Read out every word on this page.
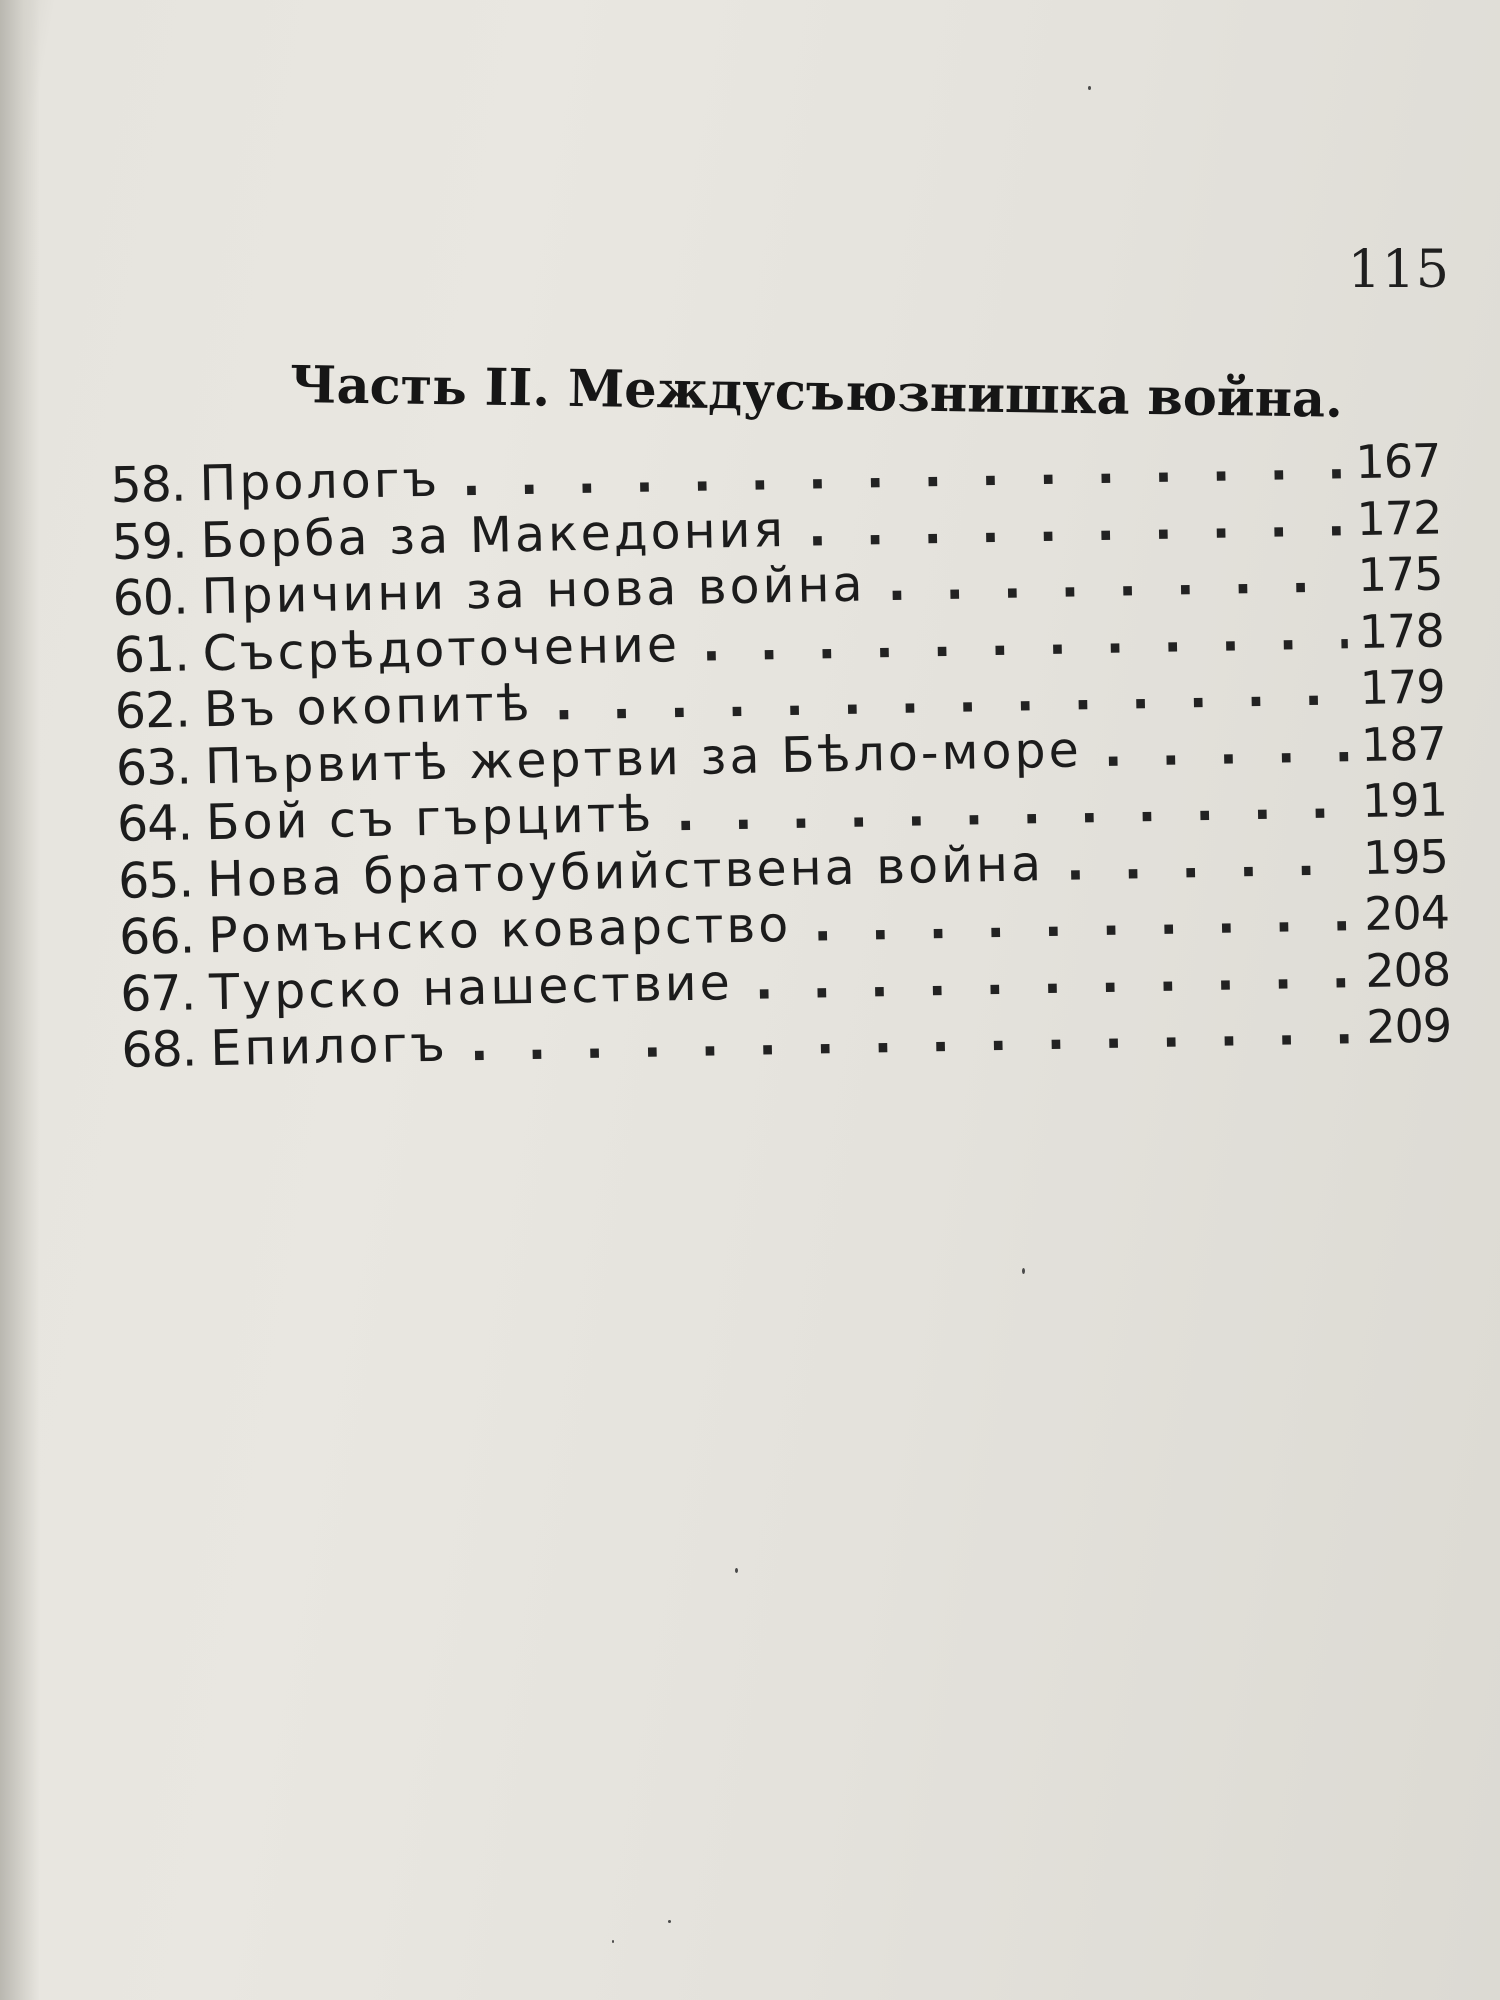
115
Часть II. Междусъюзнишка война.
58. Прологъ . . .	167
59. Борба за Македония . . .	172
60. Причини за нова война . . .	175
61. Съсрѣдоточение . . .	178
62. Въ окопитѣ . . .	179
63. Първитѣ жертви за Бѣло-море . . .	187
64. Бой съ гърцитѣ . . .	191
65. Нова братоубийствена война . . .	195
66. Ромънско коварство . . .	204
67. Турско нашествие . . .	208
68. Епилогъ . . .	209
